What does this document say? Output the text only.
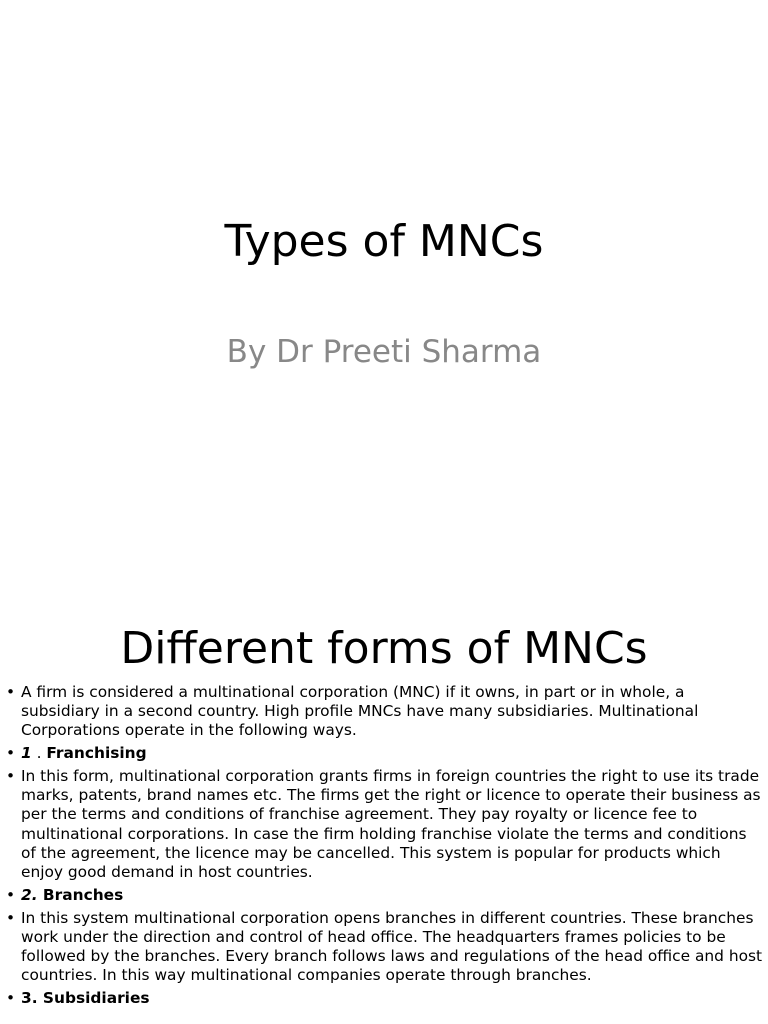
Types of MNCs
By Dr Preeti Sharma
Different forms of MNCs
• A firm is considered a multinational corporation (MNC) if it owns, in part or in whole, a subsidiary in a second country. High profile MNCs have many subsidiaries. Multinational Corporations operate in the following ways.
• 1 . Franchising
• In this form, multinational corporation grants firms in foreign countries the right to use its trade marks, patents, brand names etc. The firms get the right or licence to operate their business as per the terms and conditions of franchise agreement. They pay royalty or licence fee to multinational corporations. In case the firm holding franchise violate the terms and conditions of the agreement, the licence may be cancelled. This system is popular for products which enjoy good demand in host countries.
• 2. Branches
• In this system multinational corporation opens branches in different countries. These branches work under the direction and control of head office. The headquarters frames policies to be followed by the branches. Every branch follows laws and regulations of the head office and host countries. In this way multinational companies operate through branches.
• 3. Subsidiaries
